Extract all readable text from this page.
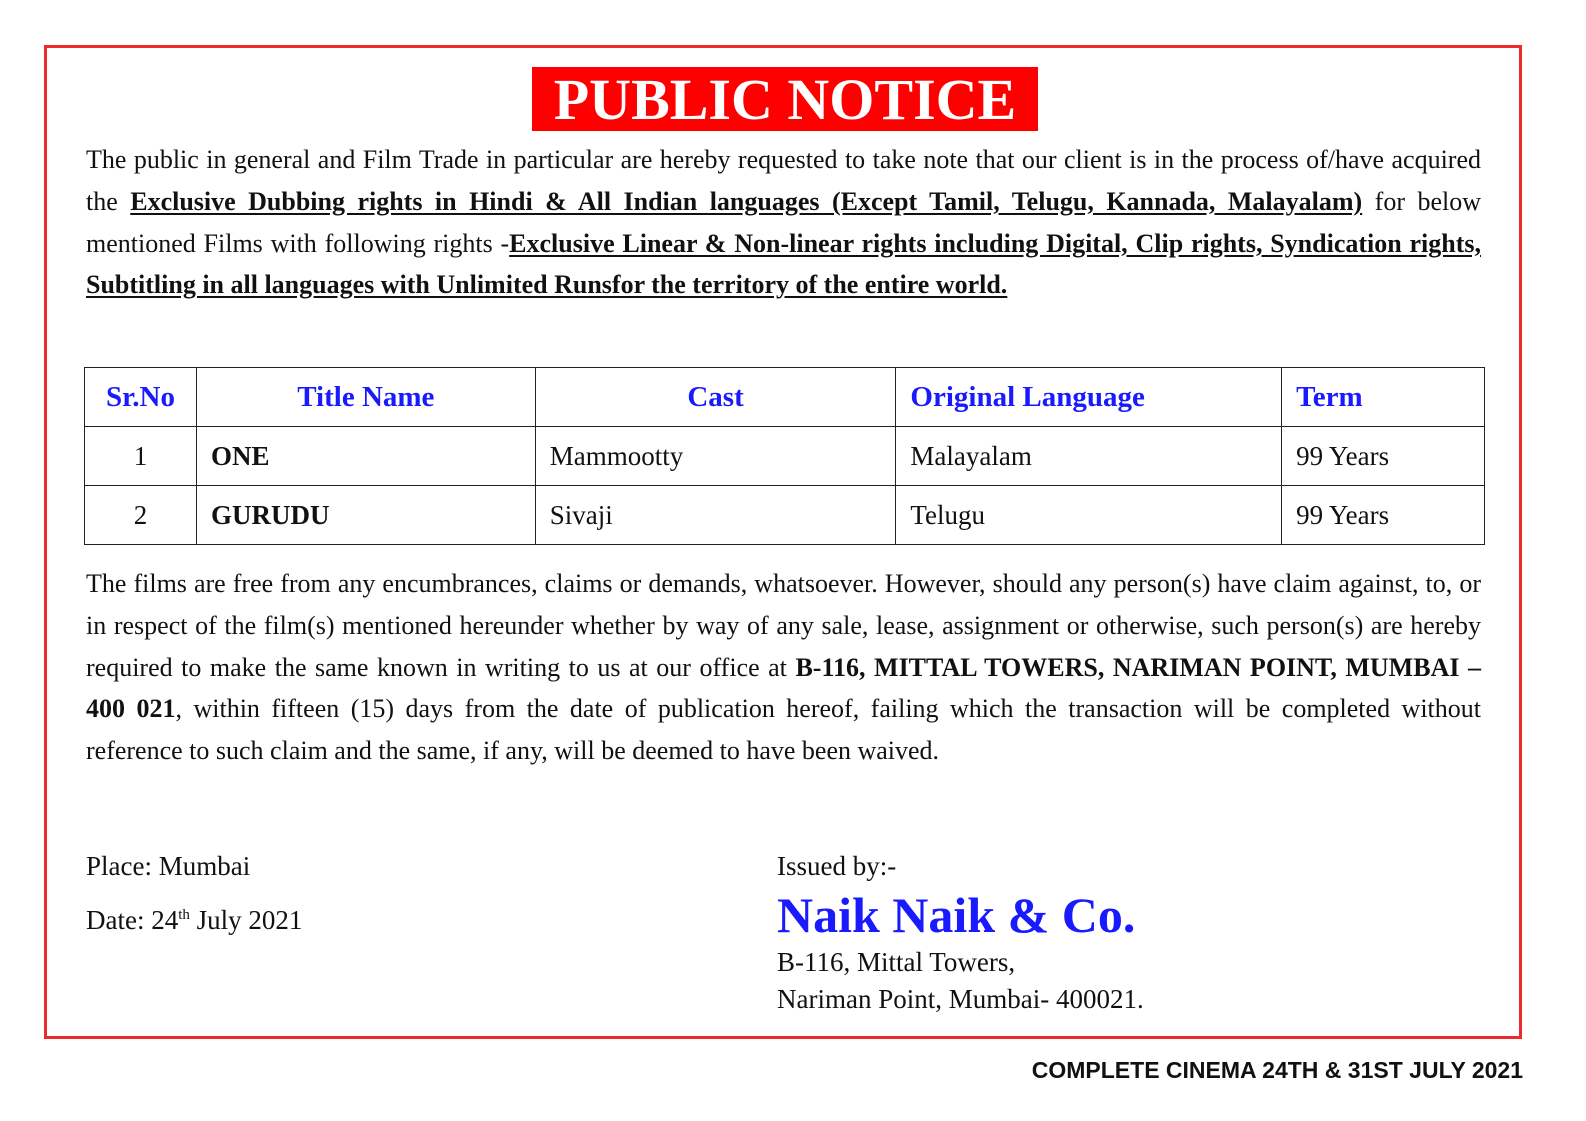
PUBLIC NOTICE
The public in general and Film Trade in particular are hereby requested to take note that our client is in the process of/have acquired the Exclusive Dubbing rights in Hindi & All Indian languages (Except Tamil, Telugu, Kannada, Malayalam) for below mentioned Films with following rights -Exclusive Linear & Non-linear rights including Digital, Clip rights, Syndication rights, Subtitling in all languages with Unlimited Runsfor the territory of the entire world.
Sr.No	Title Name	Cast	Original Language	Term
1	ONE	Mammootty	Malayalam	99 Years
2	GURUDU	Sivaji	Telugu	99 Years
The films are free from any encumbrances, claims or demands, whatsoever. However, should any person(s) have claim against, to, or in respect of the film(s) mentioned hereunder whether by way of any sale, lease, assignment or otherwise, such person(s) are hereby required to make the same known in writing to us at our office at B-116, MITTAL TOWERS, NARIMAN POINT, MUMBAI – 400 021, within fifteen (15) days from the date of publication hereof, failing which the transaction will be completed without reference to such claim and the same, if any, will be deemed to have been waived.
Place: Mumbai
Date: 24th July 2021
Issued by:-
Naik Naik & Co.
B-116, Mittal Towers,
Nariman Point, Mumbai- 400021.
COMPLETE CINEMA 24TH & 31ST JULY 2021
